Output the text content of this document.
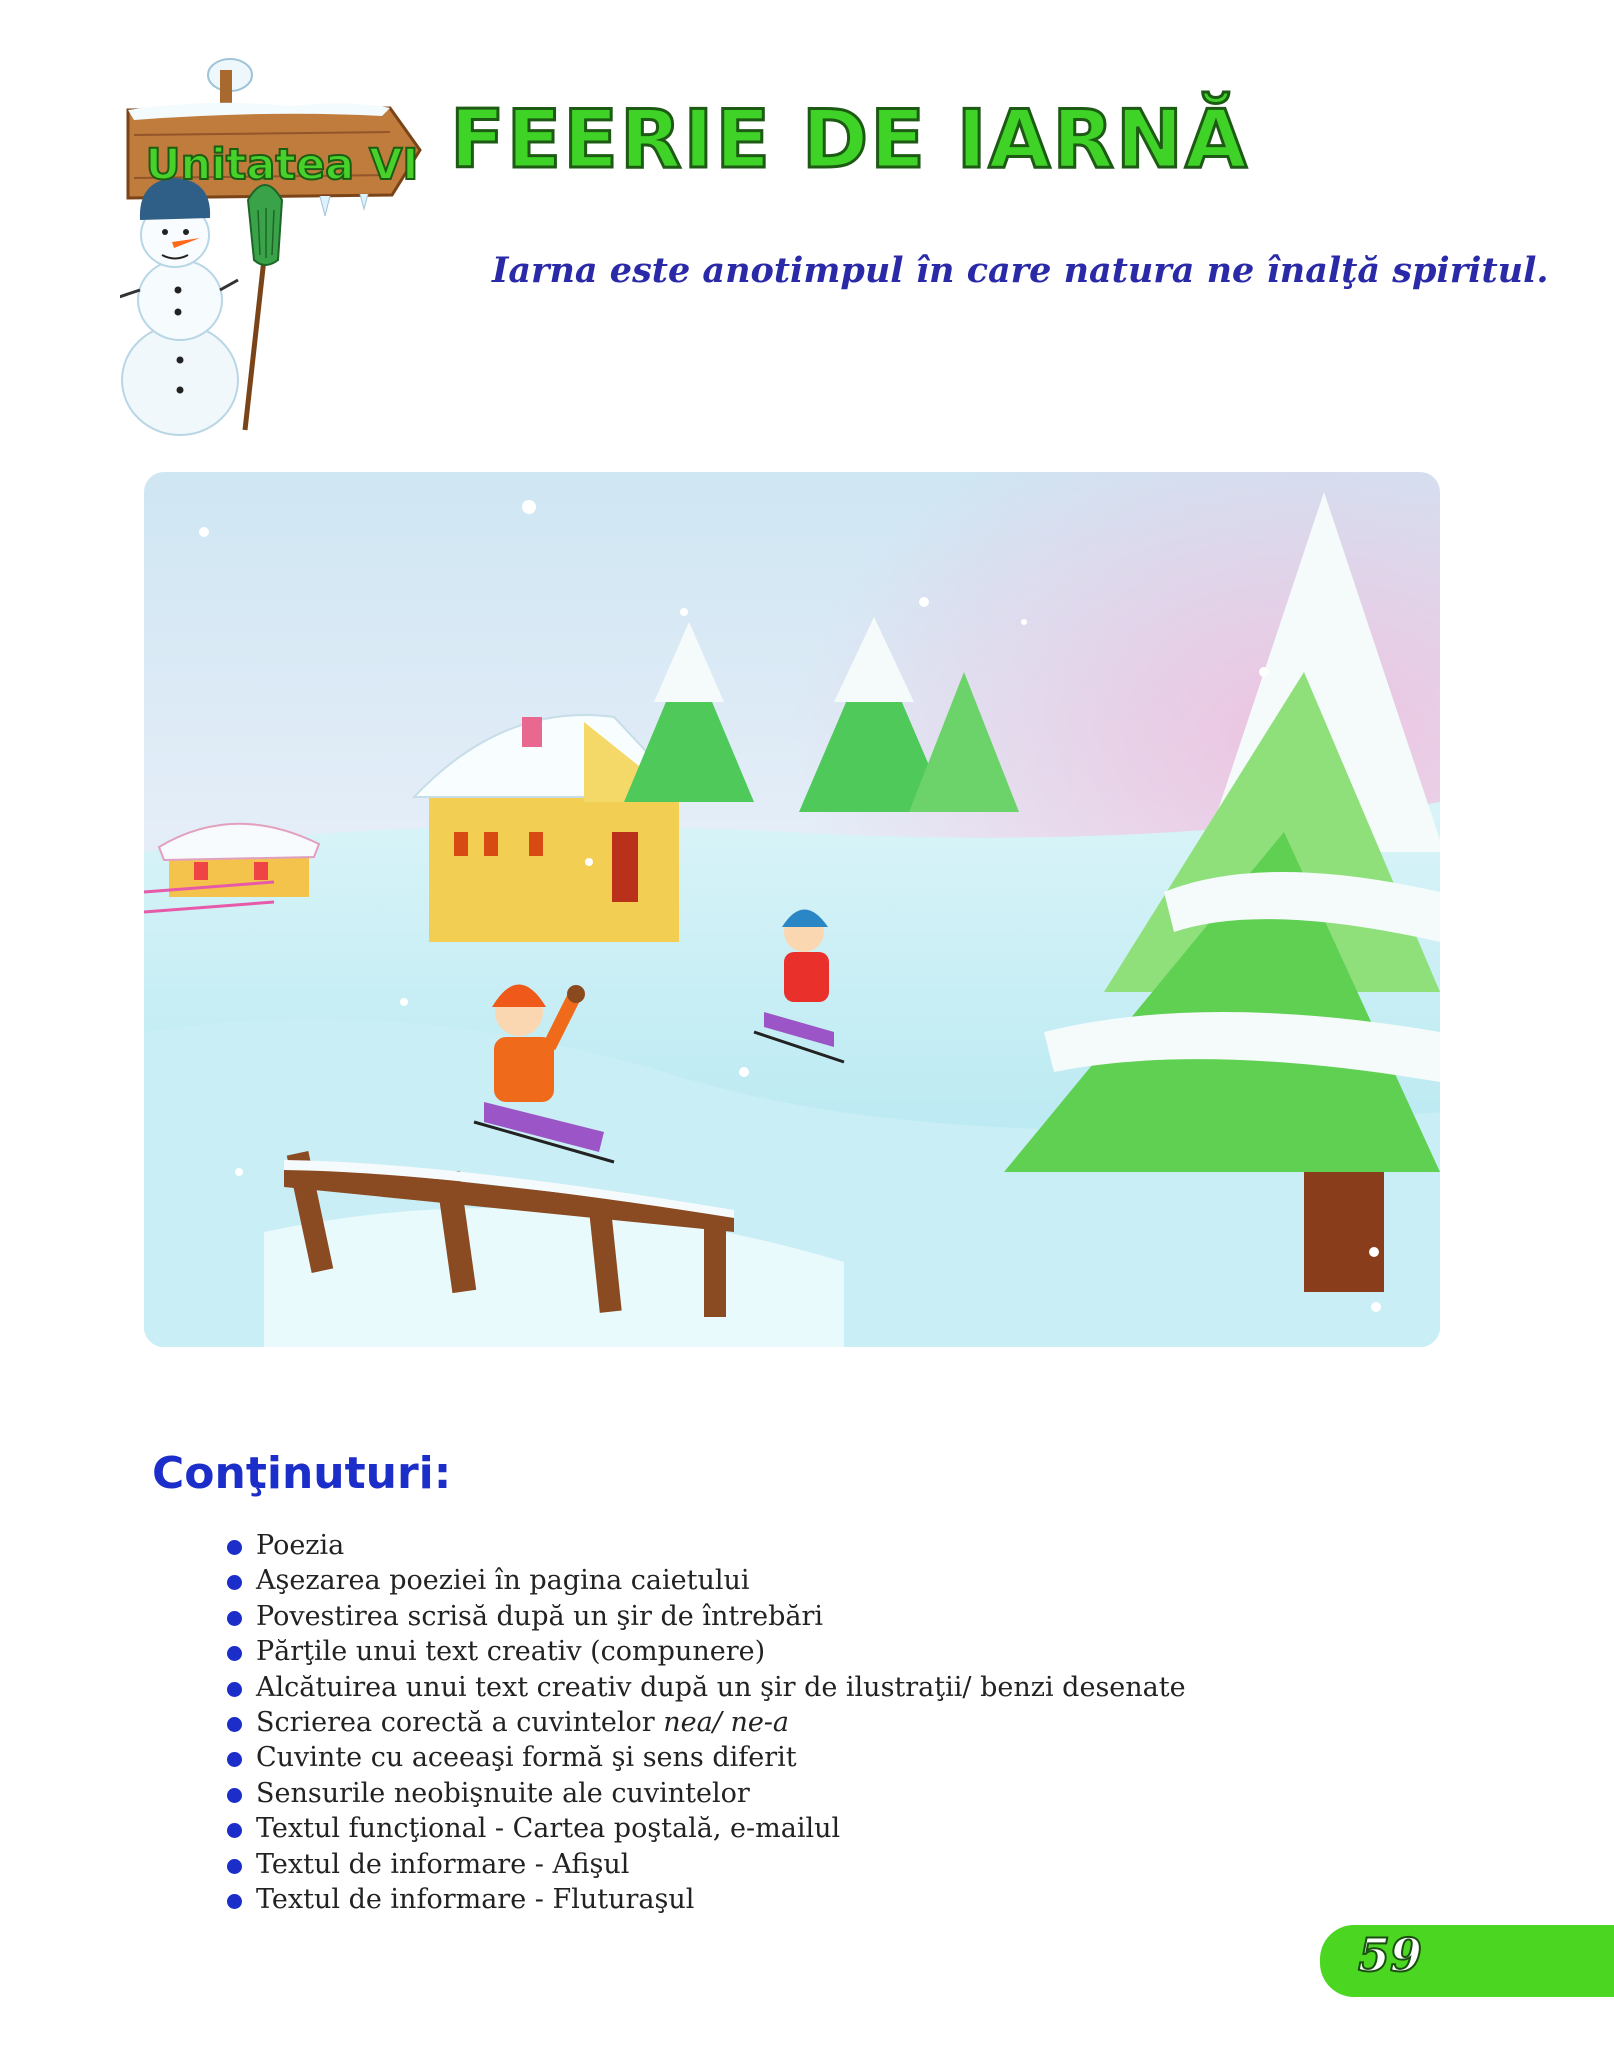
Unitatea VI FEERIE DE IARNĂ
Iarna este anotimpul în care natura ne înalţă spiritul.
Conţinuturi:
Poezia
Aşezarea poeziei în pagina caietului
Povestirea scrisă după un şir de întrebări
Părţile unui text creativ (compunere)
Alcătuirea unui text creativ după un şir de ilustraţii/ benzi desenate
Scrierea corectă a cuvintelor nea/ ne-a
Cuvinte cu aceeaşi formă şi sens diferit
Sensurile neobişnuite ale cuvintelor
Textul funcţional - Cartea poştală, e-mailul
Textul de informare - Afişul
Textul de informare - Fluturaşul
59
